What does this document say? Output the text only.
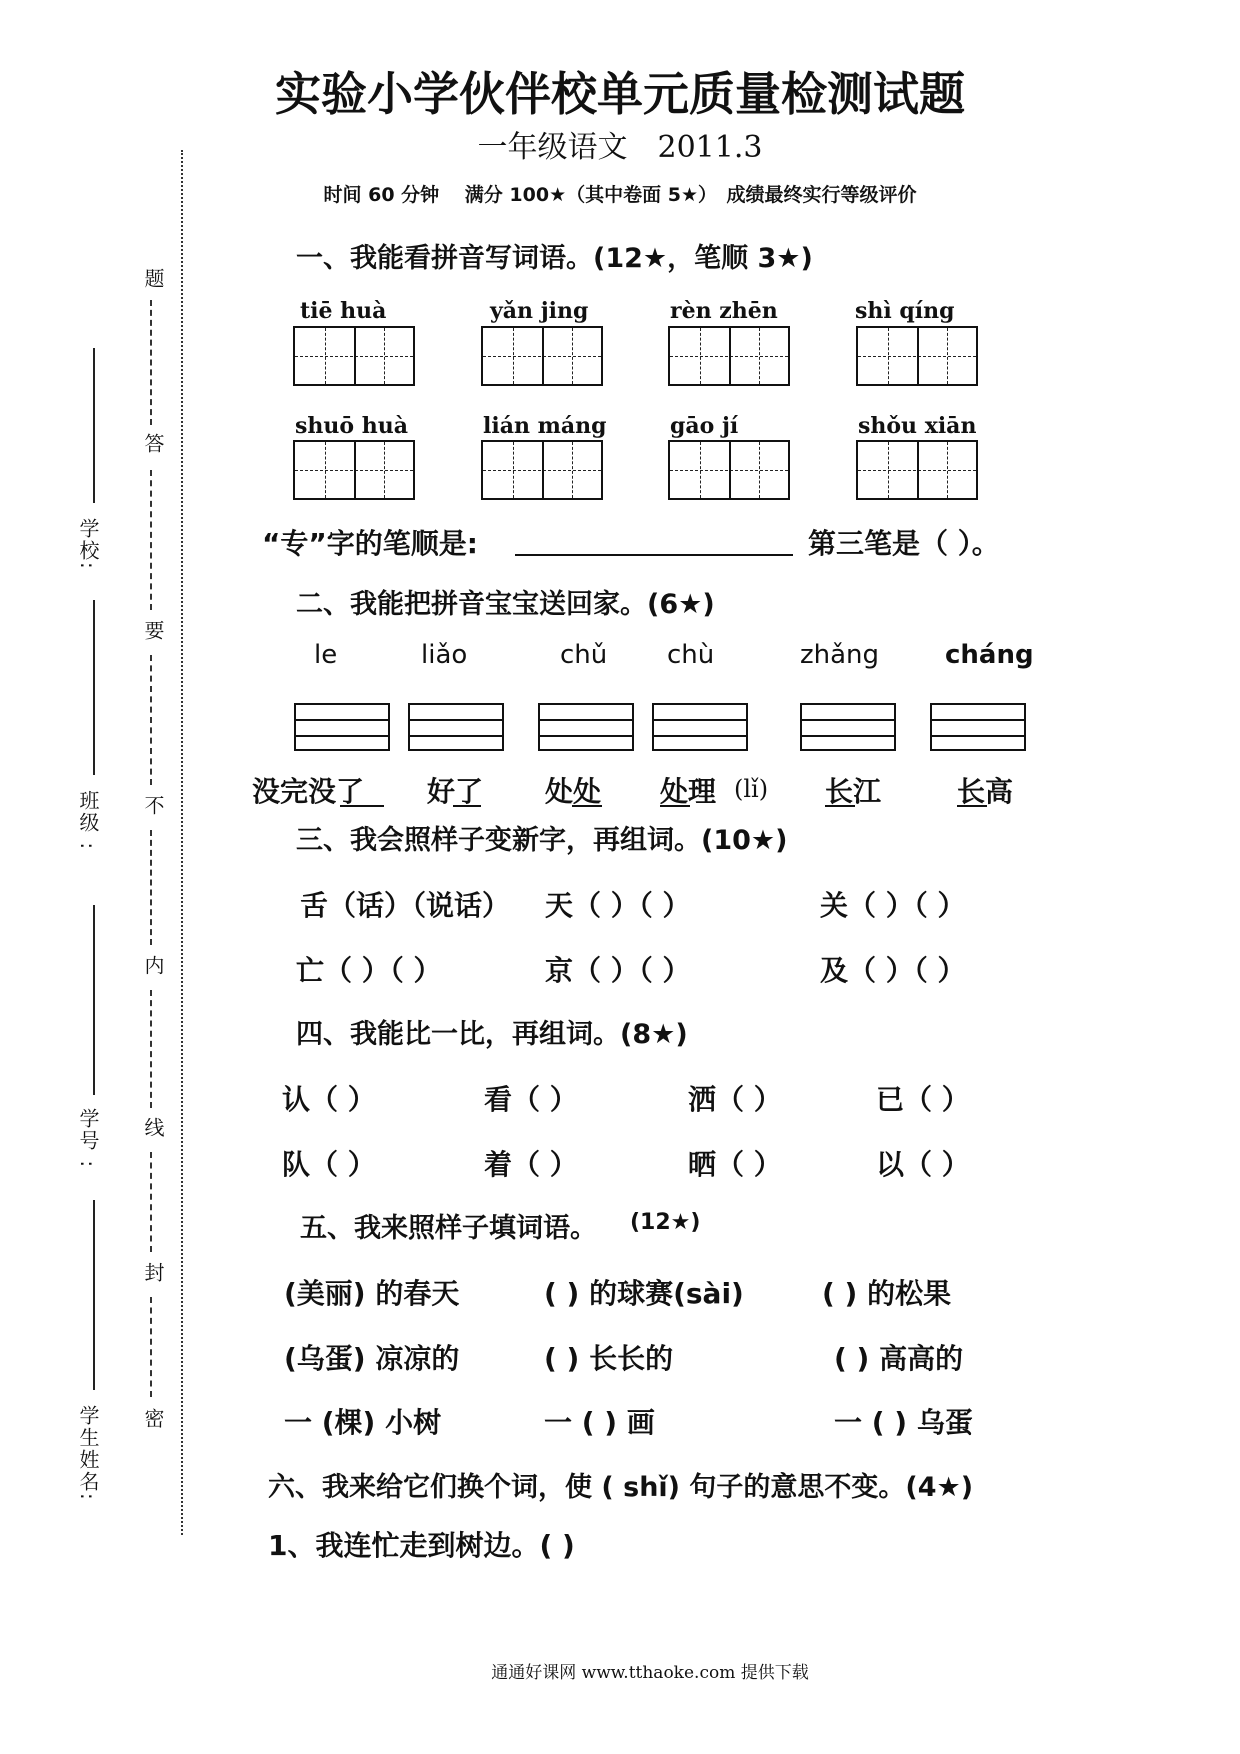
实验小学伙伴校单元质量检测试题
一年级语文　2011.3
时间 60 分钟 　满分 100★（其中卷面 5★）　成绩最终实行等级评价
题
答
要
不
内
线
封
密
学校:
班级 :
学号 :
学生姓名:
一、我能看拼音写词语。(12★，笔顺 3★)
tiē huà	yǎn jing	rèn zhēn	shì qíng
shuō huà	lián máng	gāo jí	shǒu xiān
“专”字的笔顺是:	第三笔是（ ）。
二、我能把拼音宝宝送回家。(6★)
le	liǎo	chǔ chù	zhǎng	cháng
没完没了 好了 处处 处理 (lǐ) 长江	长高
三、我会照样子变新字，再组词。(10★)
舌（话）（说话） 天（ ）（ ）	关（ ）（ ）
亡（ ）（ ）	京（ ）（ ）	及（ ）（ ）
四、我能比一比，再组词。(8★)
认（ ）	看（ ）	洒（ ）	已（ ）
队（ ）	着（ ）	晒（ ）	以（ ）
五、我来照样子填词语。 (12★)
(美丽) 的春天	( ) 的球赛(sài)	( ) 的松果
(乌蛋) 凉凉的	( ) 长长的	( ) 高高的
一 (棵) 小树	一 ( ) 画	一 ( ) 乌蛋
六、我来给它们换个词，使 ( shǐ) 句子的意思不变。(4★)
1、我连忙走到树边。( )
通通好课网 www.tthaoke.com 提供下载
